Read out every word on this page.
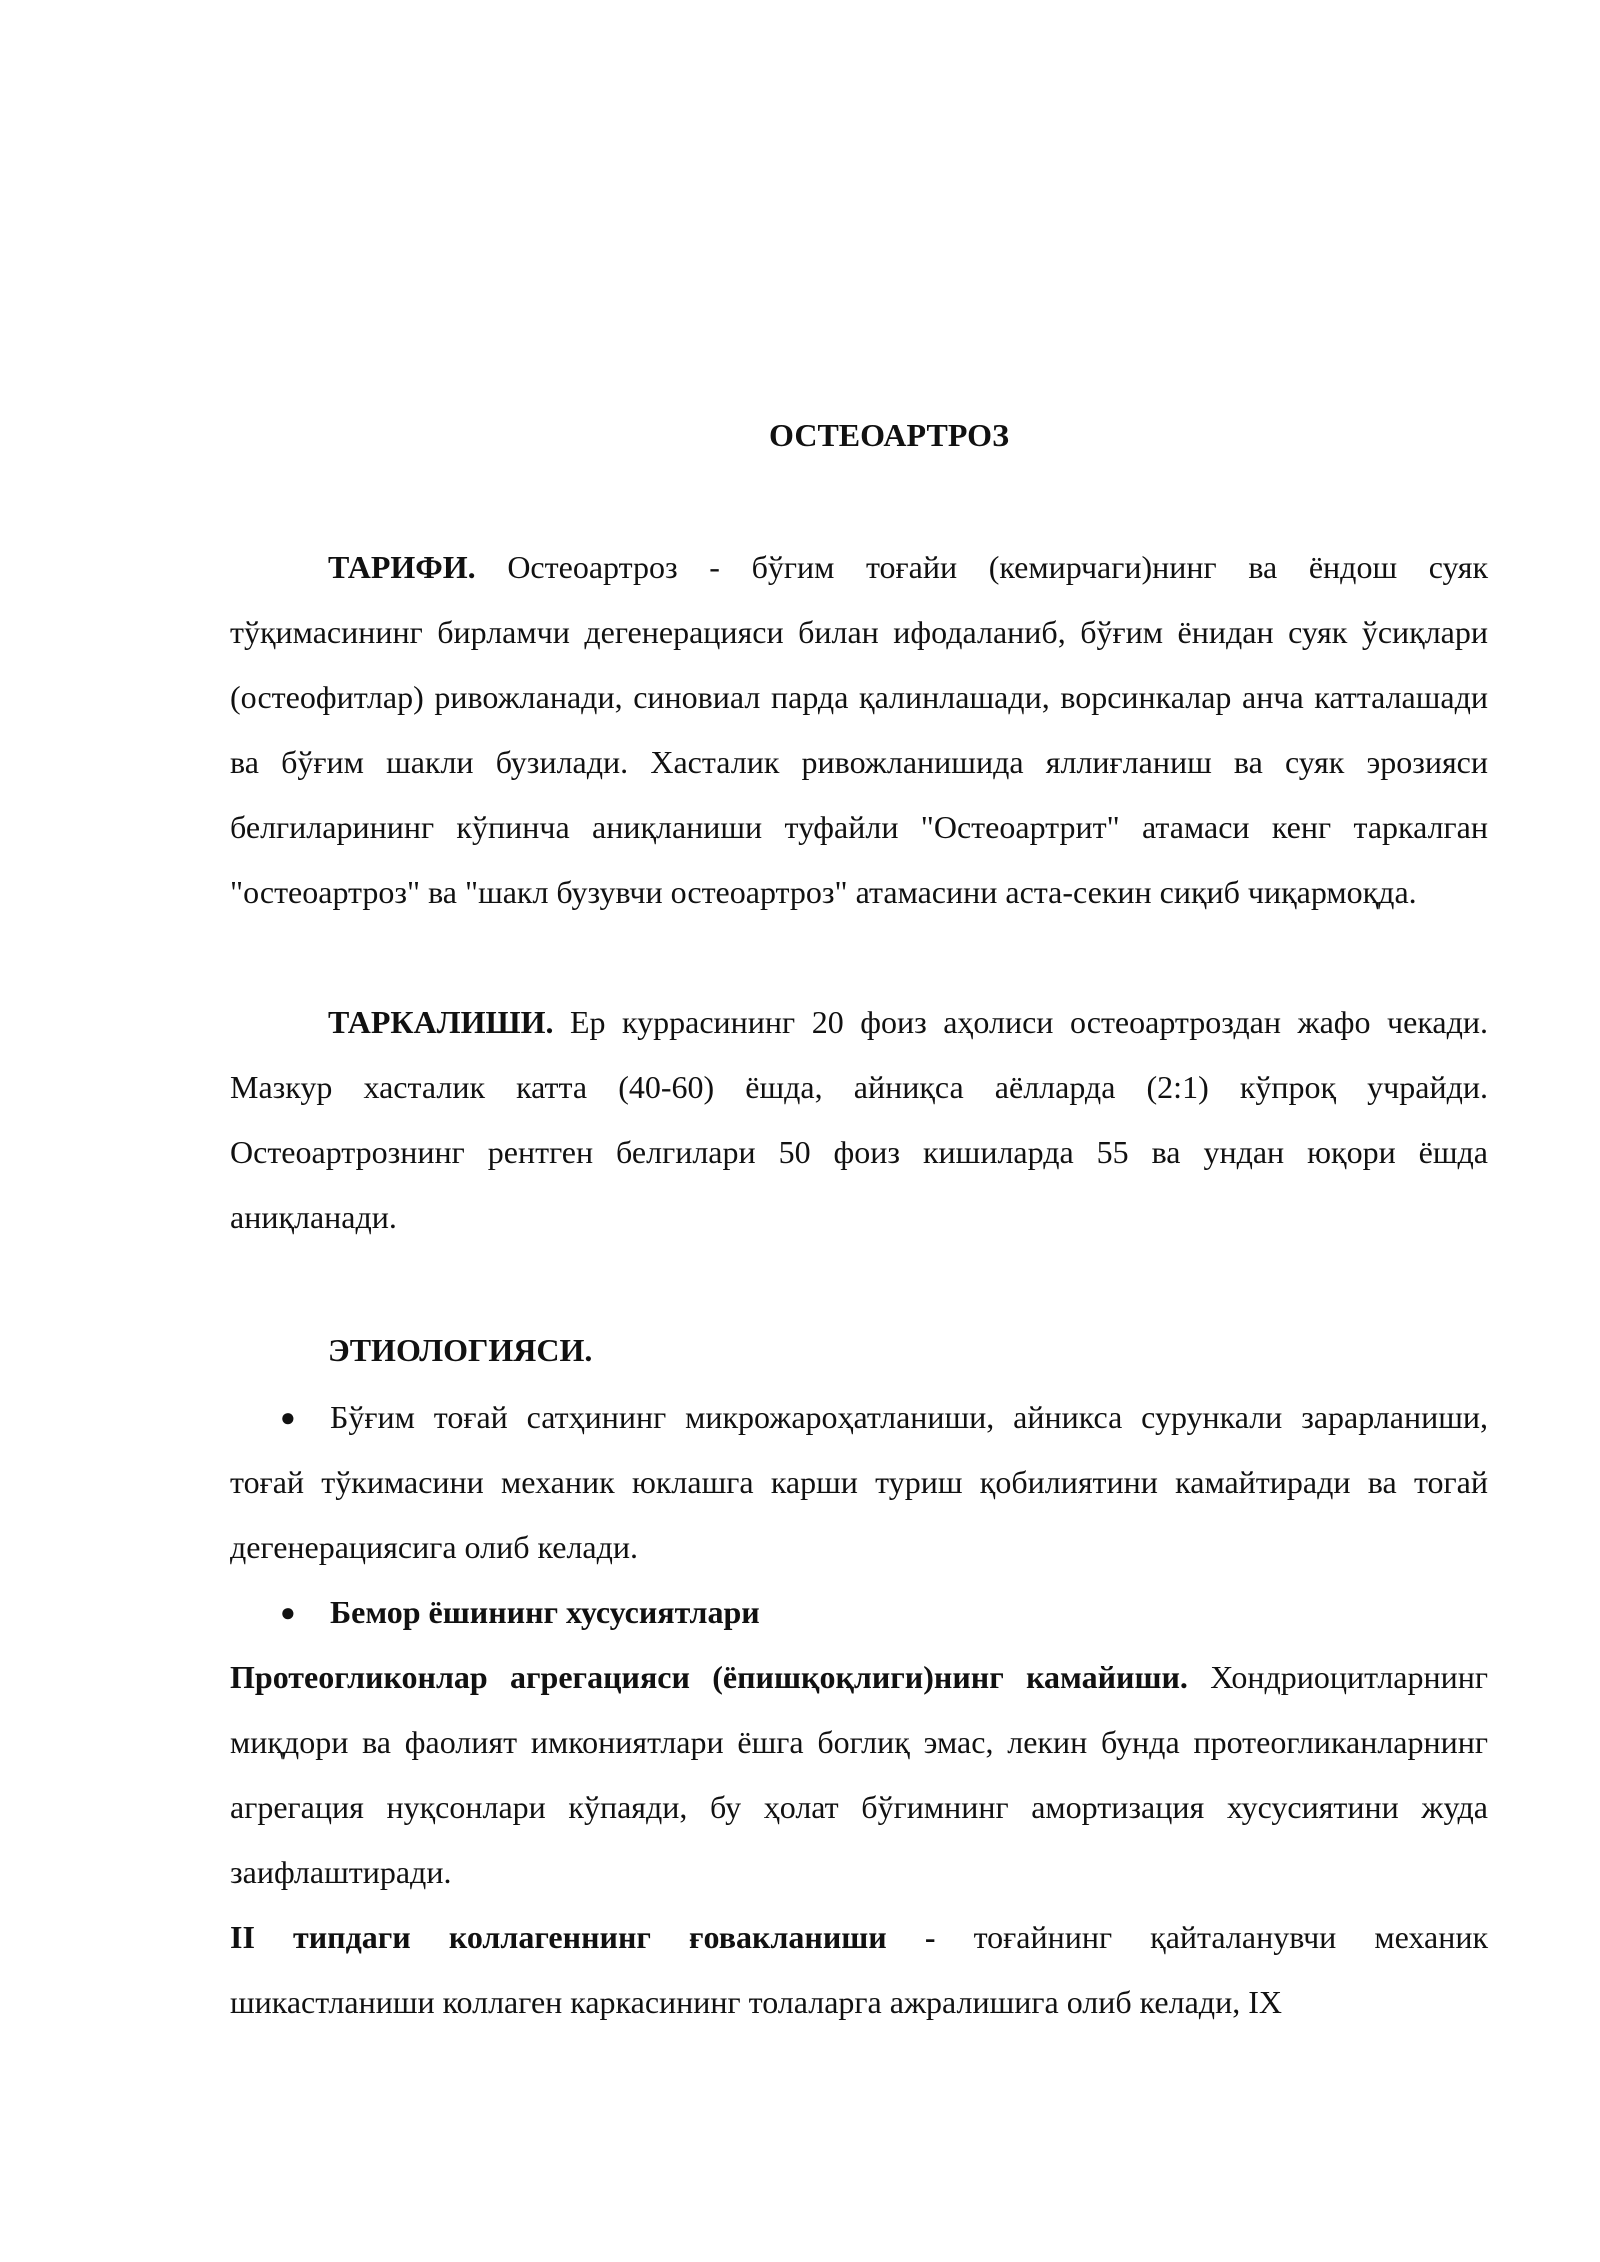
ОСТЕОАРТРОЗ

ТАРИФИ. Остеоартроз - бўгим тоғайи (кемирчаги)нинг ва ёндош суяк тўқимасининг бирламчи дегенерацияси билан ифодаланиб, бўғим ёнидан суяк ўсиқлари (остеофитлар) ривожланади, синовиал парда қалинлашади, ворсинкалар анча катталашади ва бўғим шакли бузилади. Хасталик ривожланишида яллиғланиш ва суяк эрозияси белгиларининг кўпинча аниқланиши туфайли "Остеоартрит" атамаси кенг таркалган "остеоартроз" ва "шакл бузувчи остеоартроз" атамасини аста-секин сиқиб чиқармоқда.

ТАРКАЛИШИ. Ер куррасининг 20 фоиз аҳолиси остеоартроздан жафо чекади. Мазкур хасталик катта (40-60) ёшда, айниқса аёлларда (2:1) кўпроқ учрайди. Остеоартрознинг рентген белгилари 50 фоиз кишиларда 55 ва ундан юқори ёшда аниқланади.

ЭТИОЛОГИЯСИ.
● Бўғим тоғай сатҳининг микрожароҳатланиши, айникса сурункали зарарланиши, тоғай тўкимасини механик юклашга карши туриш қобилиятини камайтиради ва тогай дегенерациясига олиб келади.
● Бемор ёшининг хусусиятлари

Протеогликонлар агрегацияси (ёпишқоқлиги)нинг камайиши. Хондриоцитларнинг миқдори ва фаолият имкониятлари ёшга боглиқ эмас, лекин бунда протеогликанларнинг агрегация нуқсонлари кўпаяди, бу ҳолат бўгимнинг амортизация хусусиятини жуда заифлаштиради.

II типдаги коллагеннинг ғовакланиши - тоғайнинг қайталанувчи механик шикастланиши коллаген каркасининг толаларга ажралишига олиб келади, IX
